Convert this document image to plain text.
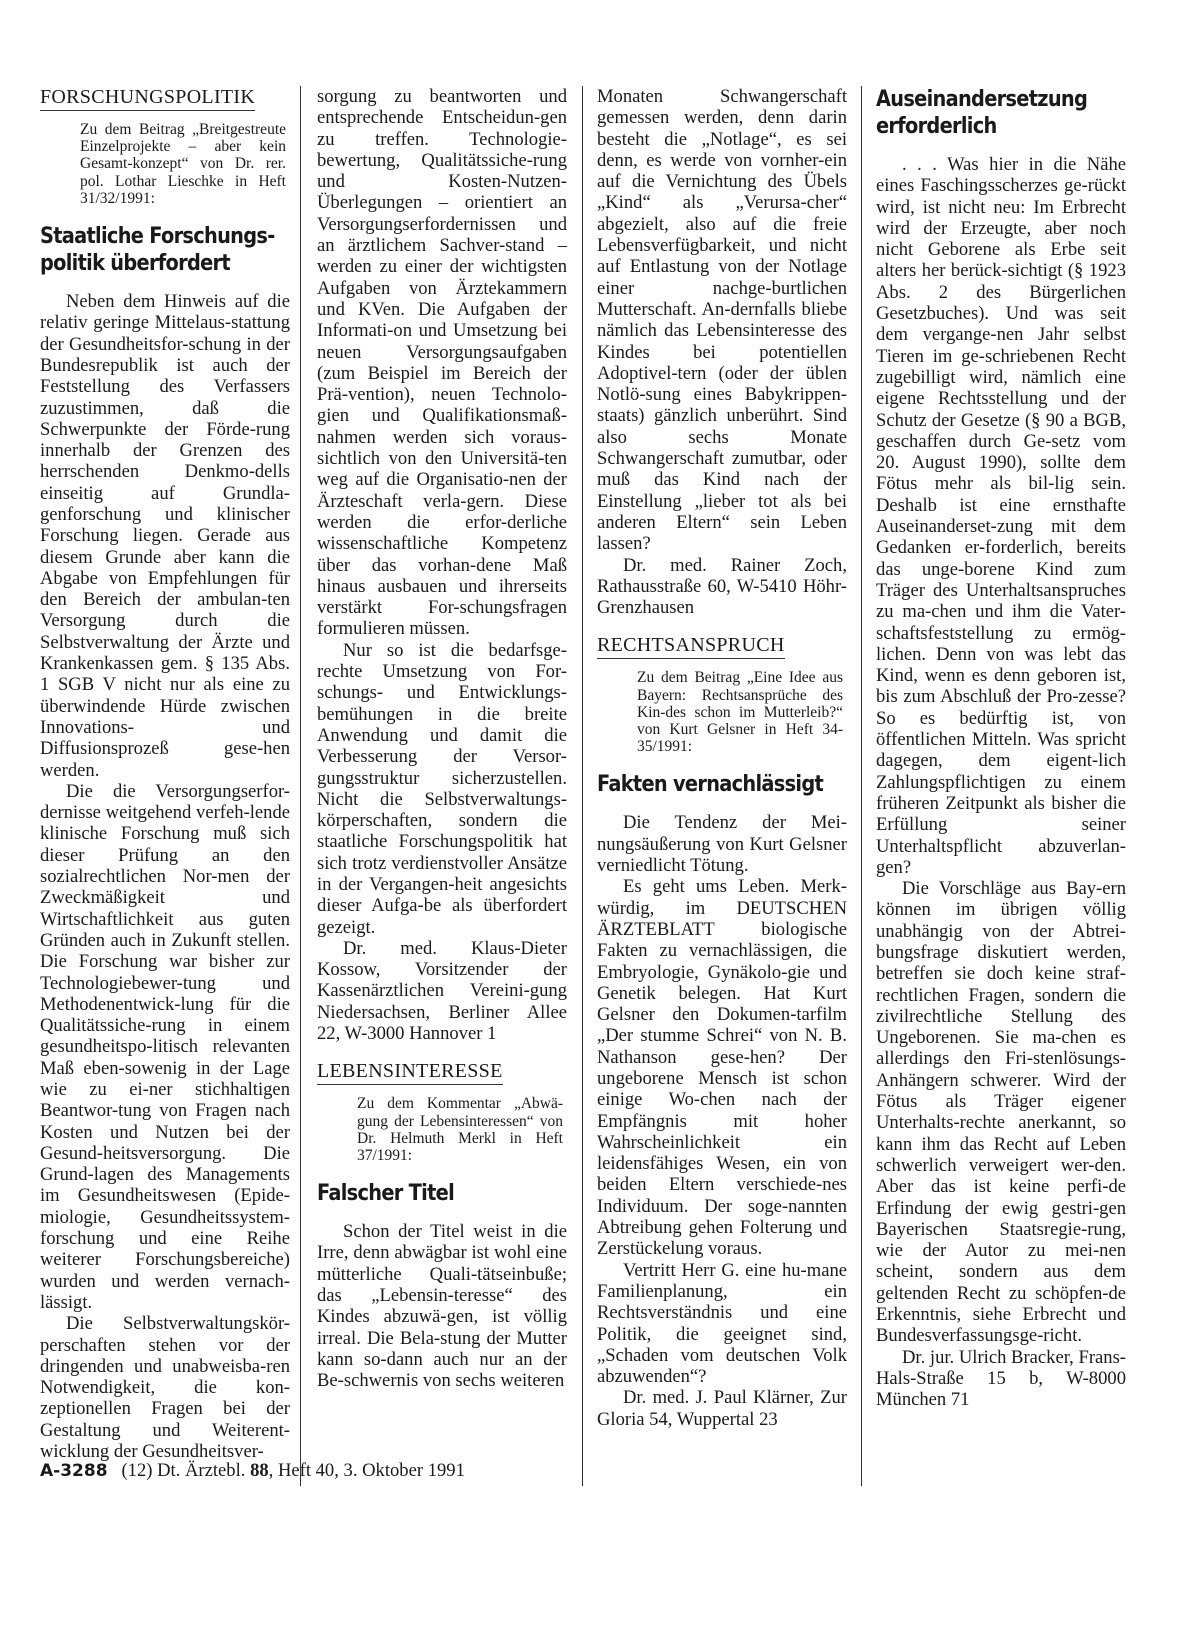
FORSCHUNGSPOLITIK
Zu dem Beitrag „Breitgestreute Einzelprojekte – aber kein Gesamt-konzept“ von Dr. rer. pol. Lothar Lieschke in Heft 31/32/1991:
Staatliche Forschungs-politik überfordert

Neben dem Hinweis auf die relativ geringe Mittelaus-stattung der Gesundheitsfor-schung in der Bundesrepublik ist auch der Feststellung des Verfassers zuzustimmen, daß die Schwerpunkte der Förde-rung innerhalb der Grenzen des herrschenden Denkmo-dells einseitig auf Grundla-genforschung und klinischer Forschung liegen. Gerade aus diesem Grunde aber kann die Abgabe von Empfehlungen für den Bereich der ambulan-ten Versorgung durch die Selbstverwaltung der Ärzte und Krankenkassen gem. § 135 Abs. 1 SGB V nicht nur als eine zu überwindende Hürde zwischen Innovations- und Diffusionsprozeß gese-hen werden.

Die die Versorgungserfor-dernisse weitgehend verfeh-lende klinische Forschung muß sich dieser Prüfung an den sozialrechtlichen Nor-men der Zweckmäßigkeit und Wirtschaftlichkeit aus guten Gründen auch in Zukunft stellen. Die Forschung war bisher zur Technologiebewer-tung und Methodenentwick-lung für die Qualitätssiche-rung in einem gesundheitspo-litisch relevanten Maß eben-sowenig in der Lage wie zu ei-ner stichhaltigen Beantwor-tung von Fragen nach Kosten und Nutzen bei der Gesund-heitsversorgung. Die Grund-lagen des Managements im Gesundheitswesen (Epide-miologie, Gesundheitssystem-forschung und eine Reihe weiterer Forschungsbereiche) wurden und werden vernach-lässigt.

Die Selbstverwaltungskör-perschaften stehen vor der dringenden und unabweisba-ren Notwendigkeit, die kon-zeptionellen Fragen bei der Gestaltung und Weiterent-wicklung der Gesundheitsver-

sorgung zu beantworten und entsprechende Entscheidun-gen zu treffen. Technologie-bewertung, Qualitätssiche-rung und Kosten-Nutzen-Überlegungen – orientiert an Versorgungserfordernissen und an ärztlichem Sachver-stand – werden zu einer der wichtigsten Aufgaben von Ärztekammern und KVen. Die Aufgaben der Informati-on und Umsetzung bei neuen Versorgungsaufgaben (zum Beispiel im Bereich der Prä-vention), neuen Technolo-gien und Qualifikationsmaß-nahmen werden sich voraus-sichtlich von den Universitä-ten weg auf die Organisatio-nen der Ärzteschaft verla-gern. Diese werden die erfor-derliche wissenschaftliche Kompetenz über das vorhan-dene Maß hinaus ausbauen und ihrerseits verstärkt For-schungsfragen formulieren müssen.

Nur so ist die bedarfsge-rechte Umsetzung von For-schungs- und Entwicklungs-bemühungen in die breite Anwendung und damit die Verbesserung der Versor-gungsstruktur sicherzustellen. Nicht die Selbstverwaltungs-körperschaften, sondern die staatliche Forschungspolitik hat sich trotz verdienstvoller Ansätze in der Vergangen-heit angesichts dieser Aufga-be als überfordert gezeigt.

Dr. med. Klaus-Dieter Kossow, Vorsitzender der Kassenärztlichen Vereini-gung Niedersachsen, Berliner Allee 22, W-3000 Hannover 1

LEBENSINTERESSE
Zu dem Kommentar „Abwä-gung der Lebensinteressen“ von Dr. Helmuth Merkl in Heft 37/1991:
Falscher Titel

Schon der Titel weist in die Irre, denn abwägbar ist wohl eine mütterliche Quali-tätseinbuße; das „Lebensin-teresse“ des Kindes abzuwä-gen, ist völlig irreal. Die Bela-stung der Mutter kann so-dann auch nur an der Be-schwernis von sechs weiteren

Monaten Schwangerschaft gemessen werden, denn darin besteht die „Notlage“, es sei denn, es werde von vornher-ein auf die Vernichtung des Übels „Kind“ als „Verursa-cher“ abgezielt, also auf die freie Lebensverfügbarkeit, und nicht auf Entlastung von der Notlage einer nachge-burtlichen Mutterschaft. An-dernfalls bliebe nämlich das Lebensinteresse des Kindes bei potentiellen Adoptivel-tern (oder der üblen Notlö-sung eines Babykrippen-staats) gänzlich unberührt. Sind also sechs Monate Schwangerschaft zumutbar, oder muß das Kind nach der Einstellung „lieber tot als bei anderen Eltern“ sein Leben lassen?

Dr. med. Rainer Zoch, Rathausstraße 60, W-5410 Höhr-Grenzhausen

RECHTSANSPRUCH
Zu dem Beitrag „Eine Idee aus Bayern: Rechtsansprüche des Kin-des schon im Mutterleib?“ von Kurt Gelsner in Heft 34-35/1991:
Fakten vernachlässigt

Die Tendenz der Mei-nungsäußerung von Kurt Gelsner verniedlicht Tötung.

Es geht ums Leben. Merk-würdig, im DEUTSCHEN ÄRZTEBLATT biologische Fakten zu vernachlässigen, die Embryologie, Gynäkolo-gie und Genetik belegen. Hat Kurt Gelsner den Dokumen-tarfilm „Der stumme Schrei“ von N. B. Nathanson gese-hen? Der ungeborene Mensch ist schon einige Wo-chen nach der Empfängnis mit hoher Wahrscheinlichkeit ein leidensfähiges Wesen, ein von beiden Eltern verschiede-nes Individuum. Der soge-nannten Abtreibung gehen Folterung und Zerstückelung voraus.

Vertritt Herr G. eine hu-mane Familienplanung, ein Rechtsverständnis und eine Politik, die geeignet sind, „Schaden vom deutschen Volk abzuwenden“?

Dr. med. J. Paul Klärner, Zur Gloria 54, Wuppertal 23

Auseinandersetzung erforderlich

. . . Was hier in die Nähe eines Faschingsscherzes ge-rückt wird, ist nicht neu: Im Erbrecht wird der Erzeugte, aber noch nicht Geborene als Erbe seit alters her berück-sichtigt (§ 1923 Abs. 2 des Bürgerlichen Gesetzbuches). Und was seit dem vergange-nen Jahr selbst Tieren im ge-schriebenen Recht zugebilligt wird, nämlich eine eigene Rechtsstellung und der Schutz der Gesetze (§ 90 a BGB, geschaffen durch Ge-setz vom 20. August 1990), sollte dem Fötus mehr als bil-lig sein. Deshalb ist eine ernsthafte Auseinanderset-zung mit dem Gedanken er-forderlich, bereits das unge-borene Kind zum Träger des Unterhaltsanspruches zu ma-chen und ihm die Vater-schaftsfeststellung zu ermög-lichen. Denn von was lebt das Kind, wenn es denn geboren ist, bis zum Abschluß der Pro-zesse? So es bedürftig ist, von öffentlichen Mitteln. Was spricht dagegen, dem eigent-lich Zahlungspflichtigen zu einem früheren Zeitpunkt als bisher die Erfüllung seiner Unterhaltspflicht abzuverlan-gen?

Die Vorschläge aus Bay-ern können im übrigen völlig unabhängig von der Abtrei-bungsfrage diskutiert werden, betreffen sie doch keine straf-rechtlichen Fragen, sondern die zivilrechtliche Stellung des Ungeborenen. Sie ma-chen es allerdings den Fri-stenlösungs-Anhängern schwerer. Wird der Fötus als Träger eigener Unterhalts-rechte anerkannt, so kann ihm das Recht auf Leben schwerlich verweigert wer-den. Aber das ist keine perfi-de Erfindung der ewig gestri-gen Bayerischen Staatsregie-rung, wie der Autor zu mei-nen scheint, sondern aus dem geltenden Recht zu schöpfen-de Erkenntnis, siehe Erbrecht und Bundesverfassungsge-richt.

Dr. jur. Ulrich Bracker, Frans-Hals-Straße 15 b, W-8000 München 71

A-3288 (12) Dt. Ärztebl. 88, Heft 40, 3. Oktober 1991
